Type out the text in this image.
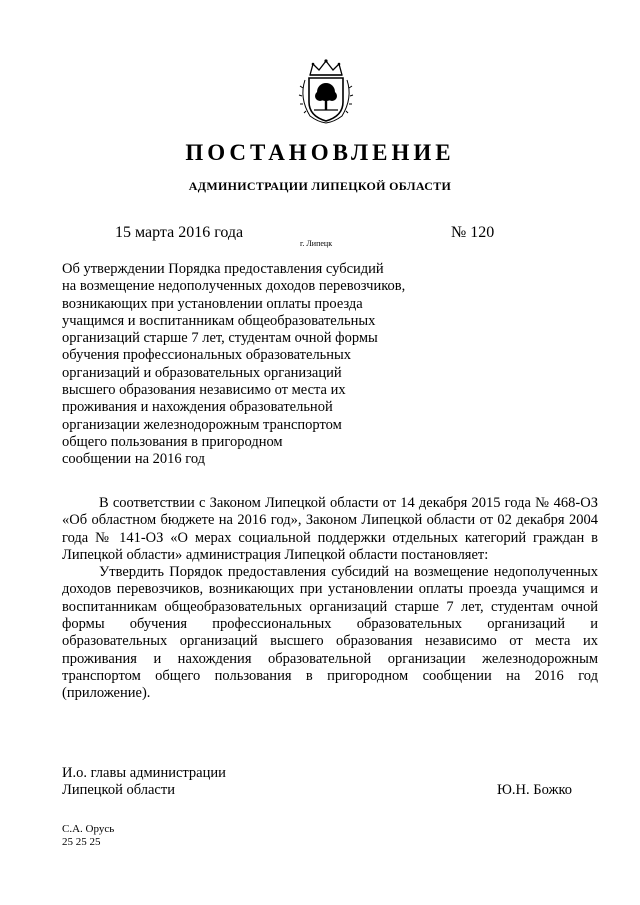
ПОСТАНОВЛЕНИЕ
АДМИНИСТРАЦИИ ЛИПЕЦКОЙ ОБЛАСТИ
15 марта 2016 года
г. Липецк
№ 120
Об утверждении Порядка предоставления субсидий
на возмещение недополученных доходов перевозчиков,
возникающих при установлении оплаты проезда
учащимся и воспитанникам общеобразовательных
организаций старше 7 лет, студентам очной формы
обучения профессиональных образовательных
организаций и образовательных организаций
высшего образования независимо от места их
проживания и нахождения образовательной
организации железнодорожным транспортом
общего пользования в пригородном
сообщении на 2016 год

В соответствии с Законом Липецкой области от 14 декабря 2015 года № 468-ОЗ «Об областном бюджете на 2016 год», Законом Липецкой области от 02 декабря 2004 года № 141-ОЗ «О мерах социальной поддержки отдельных категорий граждан в Липецкой области» администрация Липецкой области постановляет:

Утвердить Порядок предоставления субсидий на возмещение недополученных доходов перевозчиков, возникающих при установлении оплаты проезда учащимся и воспитанникам общеобразовательных организаций старше 7 лет, студентам очной формы обучения профессиональных образовательных организаций и образовательных организаций высшего образования независимо от места их проживания и нахождения образовательной организации железнодорожным транспортом общего пользования в пригородном сообщении на 2016 год (приложение).

И.о. главы администрации
Липецкой области	Ю.Н. Божко
С.А. Орусь
25 25 25
